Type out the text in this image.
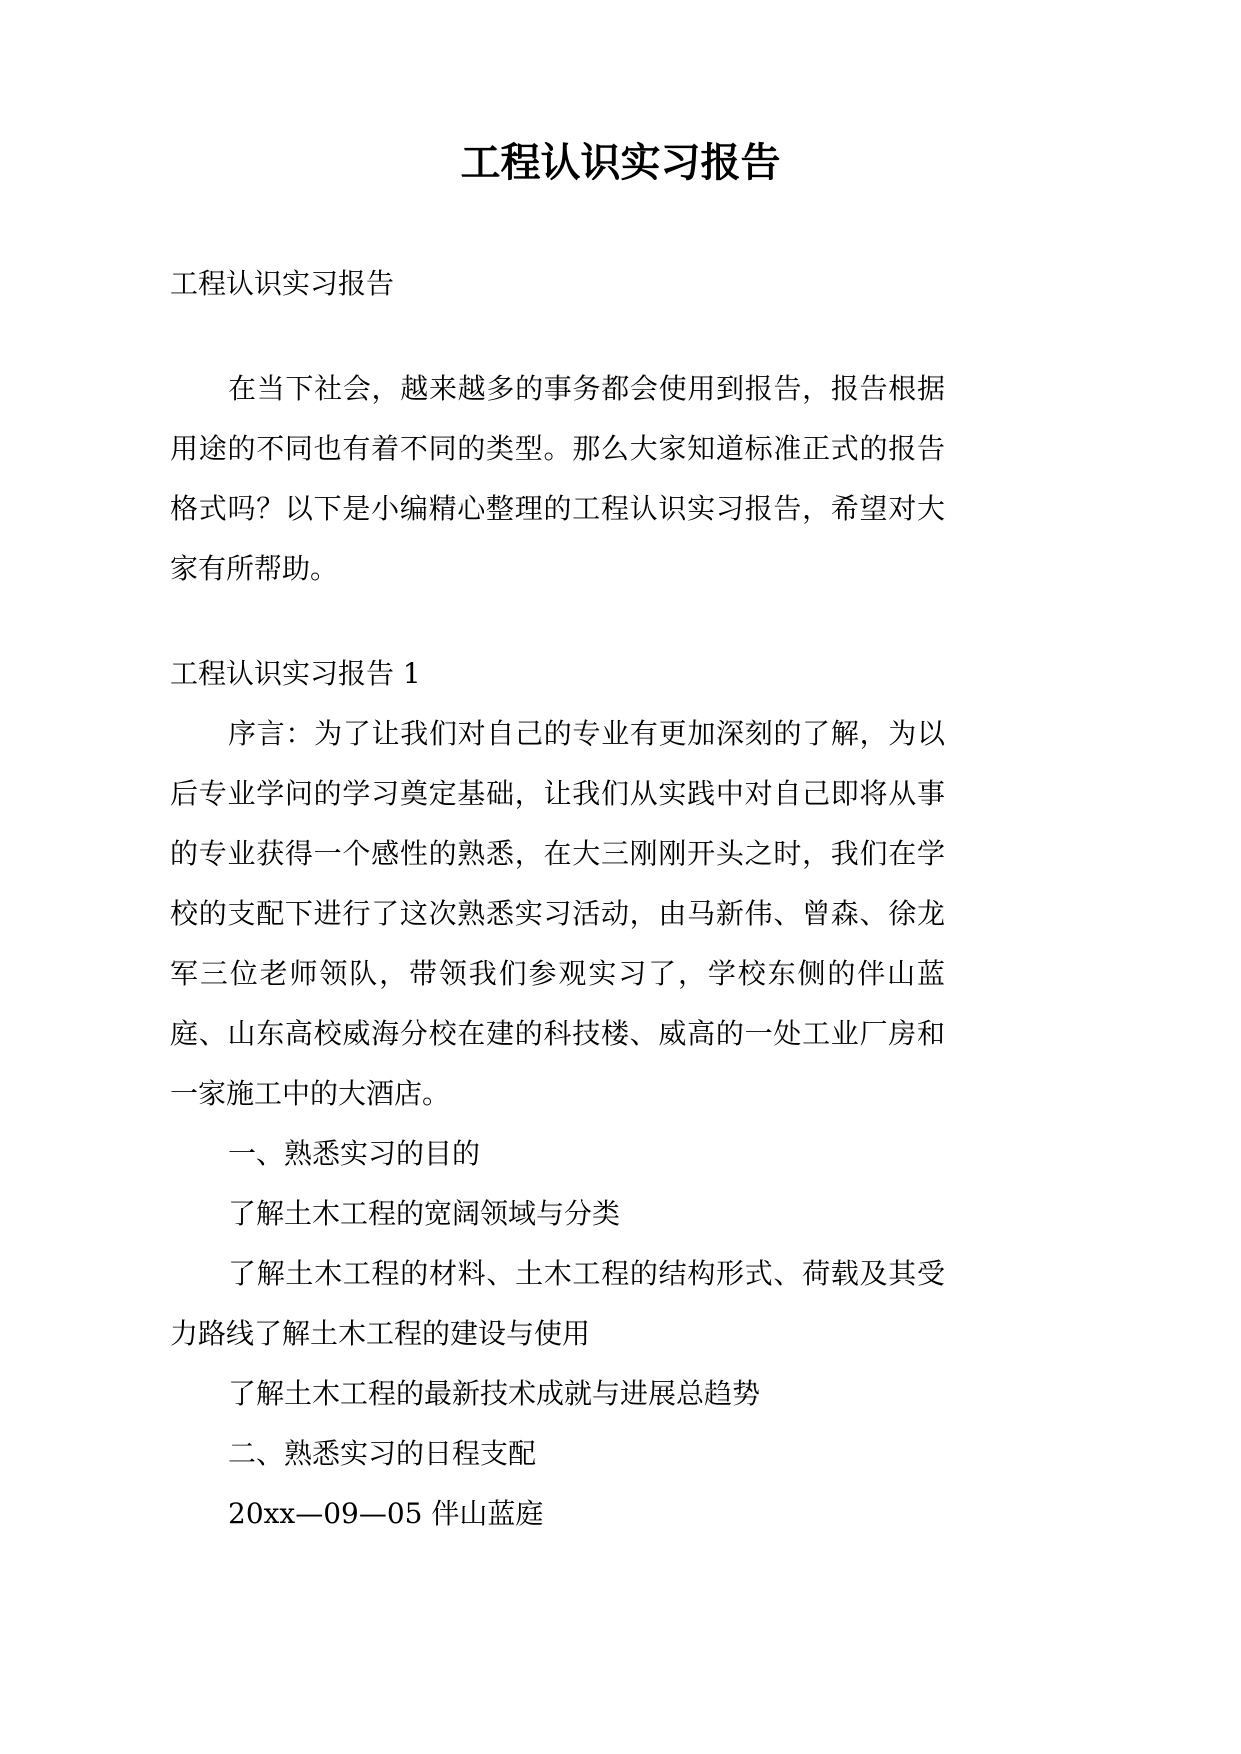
工程认识实习报告

工程认识实习报告

在当下社会，越来越多的事务都会使用到报告，报告根据用途的不同也有着不同的类型。那么大家知道标准正式的报告格式吗？以下是小编精心整理的工程认识实习报告，希望对大家有所帮助。

工程认识实习报告 1

序言：为了让我们对自己的专业有更加深刻的了解，为以后专业学问的学习奠定基础，让我们从实践中对自己即将从事的专业获得一个感性的熟悉，在大三刚刚开头之时，我们在学校的支配下进行了这次熟悉实习活动，由马新伟、曾森、徐龙军三位老师领队，带领我们参观实习了，学校东侧的伴山蓝庭、山东高校威海分校在建的科技楼、威高的一处工业厂房和一家施工中的大酒店。

一、熟悉实习的目的

了解土木工程的宽阔领域与分类

了解土木工程的材料、土木工程的结构形式、荷载及其受力路线了解土木工程的建设与使用

了解土木工程的最新技术成就与进展总趋势

二、熟悉实习的日程支配

20xx—09—05 伴山蓝庭
